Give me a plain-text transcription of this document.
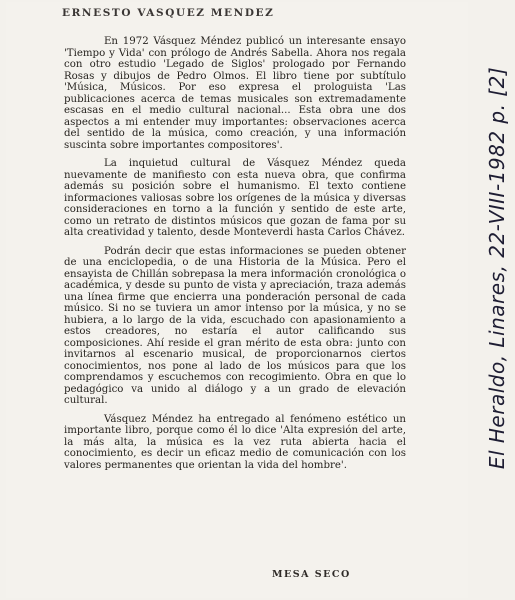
ERNESTO VASQUEZ MENDEZ

En 1972 Vásquez Méndez publicó un interesante ensayo 'Tiempo y Vida' con prólogo de Andrés Sabella. Ahora nos regala con otro estudio 'Legado de Siglos' prologado por Fernando Rosas y dibujos de Pedro Olmos. El libro tiene por subtítulo 'Música, Músicos. Por eso expresa el prologuista 'Las publicaciones acerca de temas musicales son extremadamente escasas en el medio cultural nacional... Esta obra une dos aspectos a mi entender muy importantes: observaciones acerca del sentido de la música, como creación, y una información suscinta sobre importantes compositores'.

La inquietud cultural de Vásquez Méndez queda nuevamente de manifiesto con esta nueva obra, que confirma además su posición sobre el humanismo. El texto contiene informaciones valiosas sobre los orígenes de la música y diversas consideraciones en torno a la función y sentido de este arte, como un retrato de distintos músicos que gozan de fama por su alta creatividad y talento, desde Monteverdi hasta Carlos Chávez.

Podrán decir que estas informaciones se pueden obtener de una enciclopedia, o de una Historia de la Música. Pero el ensayista de Chillán sobrepasa la mera información cronológica o académica, y desde su punto de vista y apreciación, traza además una línea firme que encierra una ponderación personal de cada músico. Si no se tuviera un amor intenso por la música, y no se hubiera, a lo largo de la vida, escuchado con apasionamiento a estos creadores, no estaría el autor calificando sus composiciones. Ahí reside el gran mérito de esta obra: junto con invitarnos al escenario musical, de proporcionarnos ciertos conocimientos, nos pone al lado de los músicos para que los comprendamos y escuchemos con recogimiento. Obra en que lo pedagógico va unido al diálogo y a un grado de elevación cultural.

Vásquez Méndez ha entregado al fenómeno estético un importante libro, porque como él lo dice 'Alta expresión del arte, la más alta, la música es la vez ruta abierta hacia el conocimiento, es decir un eficaz medio de comunicación con los valores permanentes que orientan la vida del hombre'.

MESA SECO
El Heraldo, Linares, 22-VIII-1982 p. [2]
